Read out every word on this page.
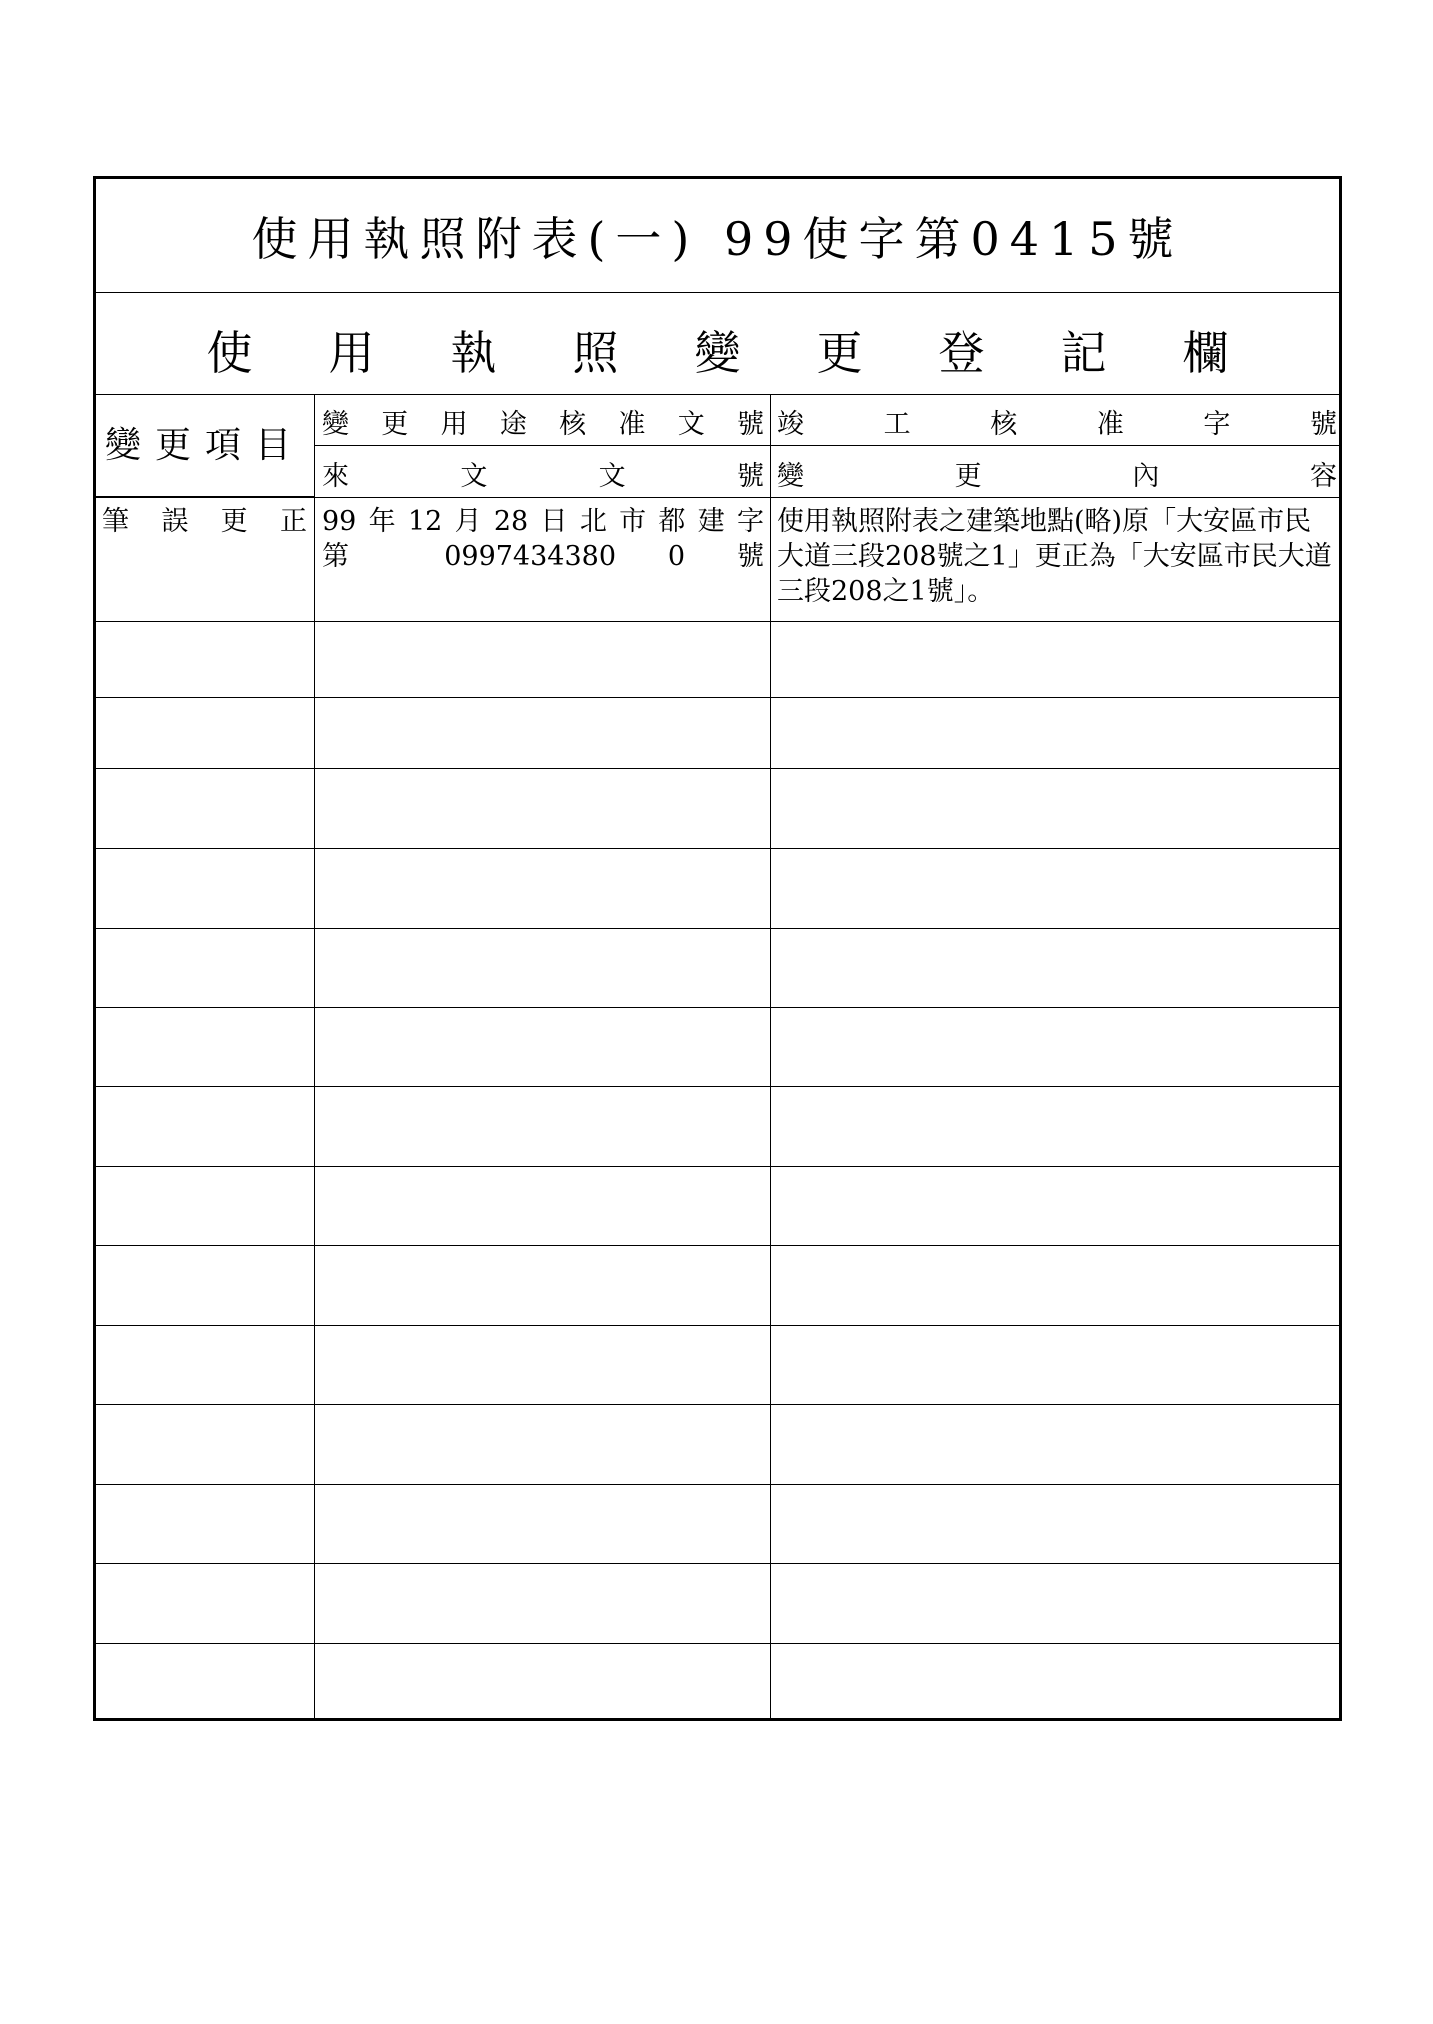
使用執照附表(一) 99使字第0415號
使用執照變更登記欄
變更項目
變更用途核准文號
來文文號
竣工核准字號
變更內容
筆誤更正 99年12月28日北市都建字
第 0997434380 0 號
使用執照附表之建築地點(略)原「大安區市民大道三段208號之1」更正為「大安區市民大道三段208之1號」。
